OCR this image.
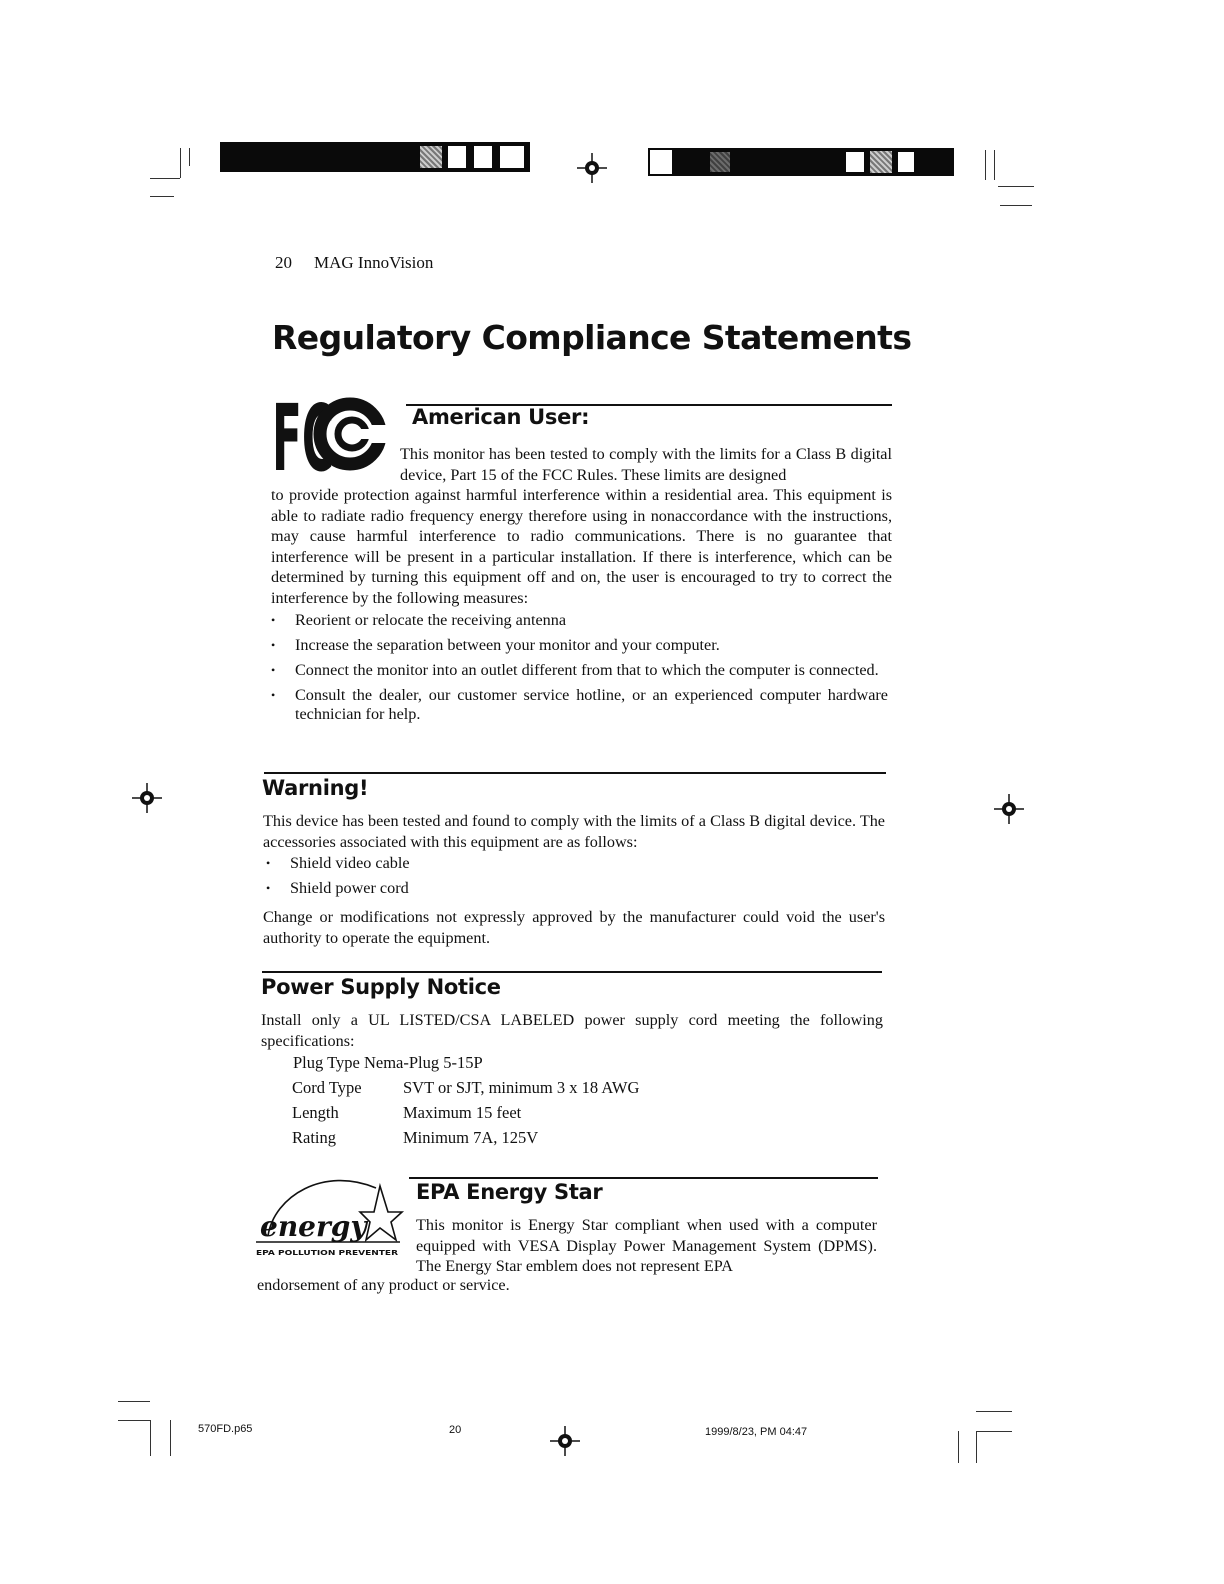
20 MAG InnoVision
Regulatory Compliance Statements
FC	American User:
This monitor has been tested to comply with the limits for a Class B digital device, Part 15 of the FCC Rules. These limits are designed
to provide protection against harmful interference within a residential area. This equipment is able to radiate radio frequency energy therefore using in nonaccordance with the instructions, may cause harmful interference to radio communications. There is no guarantee that interference will be present in a particular installation. If there is interference, which can be determined by turning this equipment off and on, the user is encouraged to try to correct the interference by the following measures:
• Reorient or relocate the receiving antenna
• Increase the separation between your monitor and your computer.
• Connect the monitor into an outlet different from that to which the computer is connected.
• Consult the dealer, our customer service hotline, or an experienced computer hardware technician for help.
Warning!
This device has been tested and found to comply with the limits of a Class B digital device. The accessories associated with this equipment are as follows:
• Shield video cable
• Shield power cord
Change or modifications not expressly approved by the manufacturer could void the user's authority to operate the equipment.
Power Supply Notice
Install only a UL LISTED/CSA LABELED power supply cord meeting the following specifications:
Plug Type Nema-Plug 5-15P
Cord Type	SVT or SJT, minimum 3 x 18 AWG
Length	Maximum 15 feet
Rating	Minimum 7A, 125V
energy
EPA POLLUTION PREVENTER
EPA Energy Star
This monitor is Energy Star compliant when used with a computer equipped with VESA Display Power Management System (DPMS). The Energy Star emblem does not represent EPA
endorsement of any product or service.
570FD.p65	20	1999/8/23, PM 04:47
